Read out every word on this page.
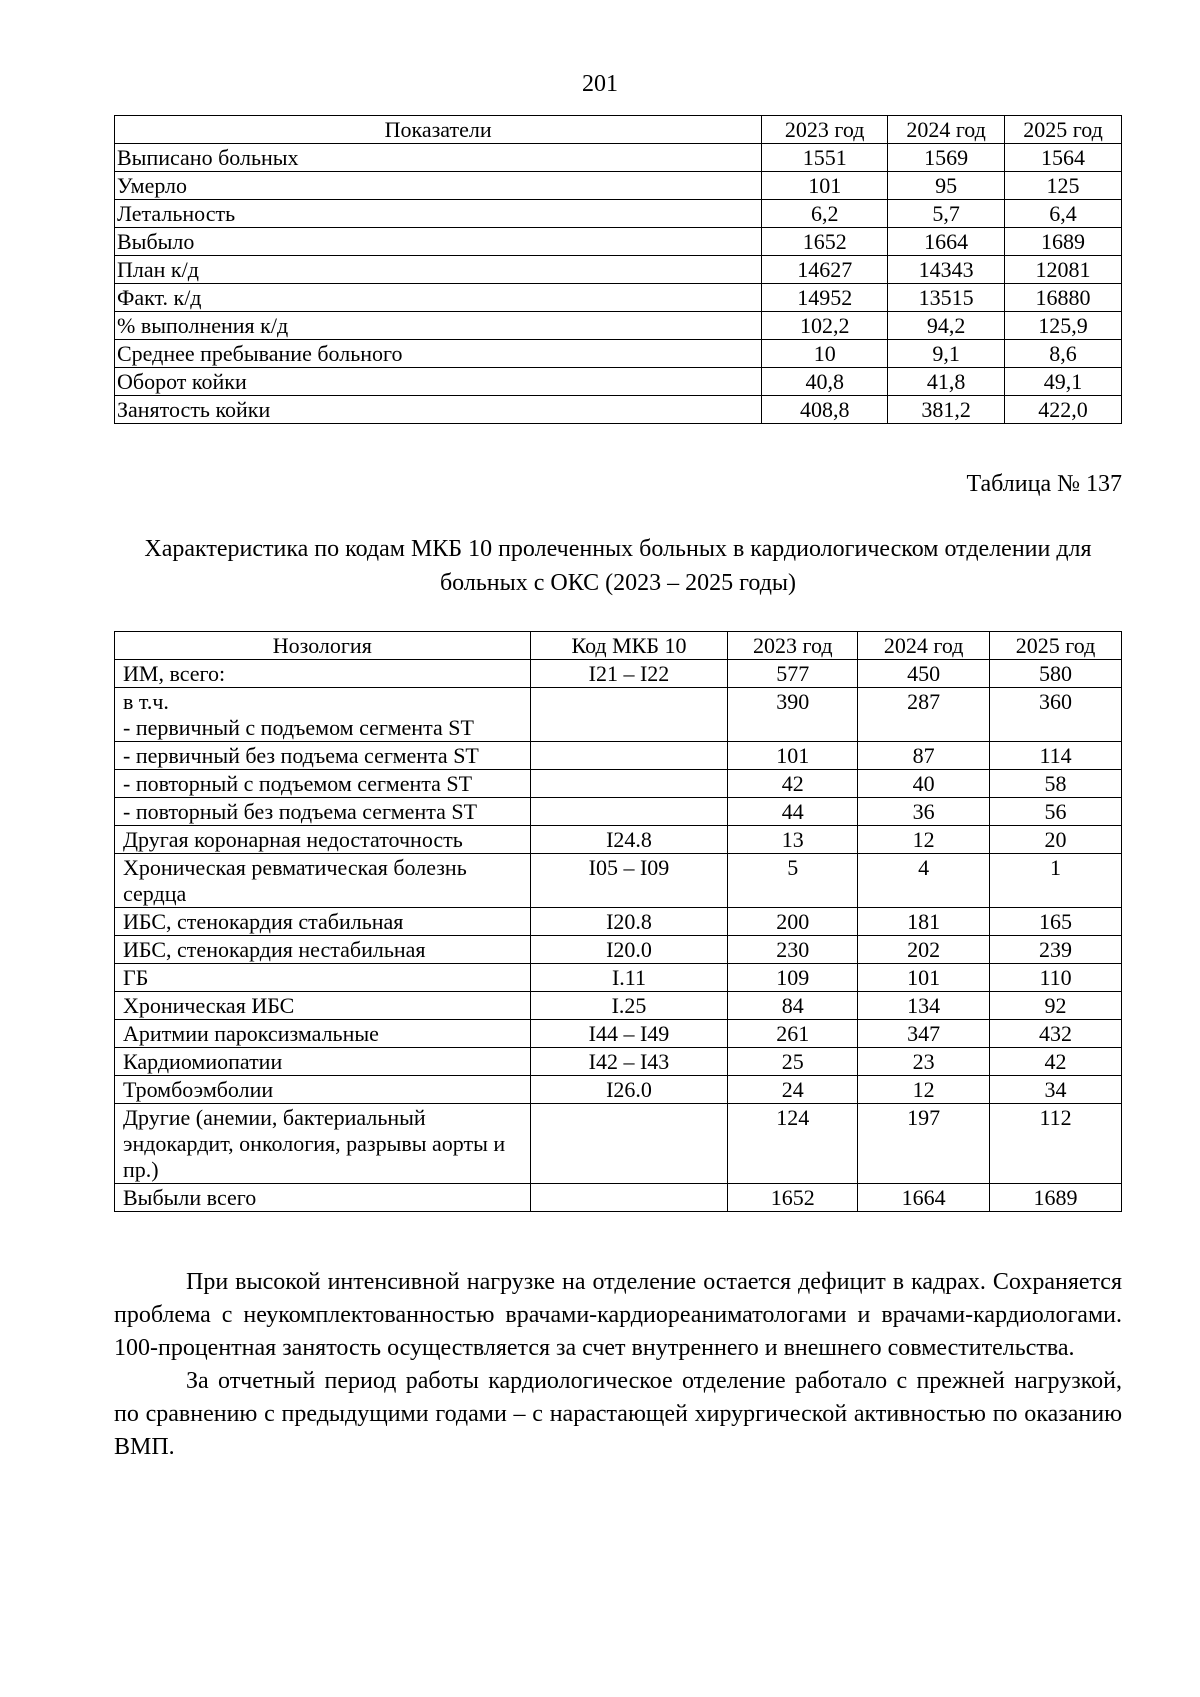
201
Показатели	2023 год	2024 год	2025 год
Выписано больных	1551	1569	1564
Умерло	101	95	125
Летальность	6,2	5,7	6,4
Выбыло	1652	1664	1689
План к/д	14627	14343	12081
Факт. к/д	14952	13515	16880
% выполнения к/д	102,2	94,2	125,9
Среднее пребывание больного	10	9,1	8,6
Оборот койки	40,8	41,8	49,1
Занятость койки	408,8	381,2	422,0
Таблица № 137
Характеристика по кодам МКБ 10 пролеченных больных в кардиологическом отделении для больных с ОКС (2023 – 2025 годы)
Нозология	Код МКБ 10	2023 год	2024 год	2025 год
ИМ, всего:	I21 – I22	577	450	580
в т.ч.
- первичный с подъемом сегмента ST		390	287	360
- первичный без подъема сегмента ST		101	87	114
- повторный с подъемом сегмента ST		42	40	58
- повторный без подъема сегмента ST		44	36	56
Другая коронарная недостаточность	I24.8	13	12	20
Хроническая ревматическая болезнь сердца	I05 – I09	5	4	1
ИБС, стенокардия стабильная	I20.8	200	181	165
ИБС, стенокардия нестабильная	I20.0	230	202	239
ГБ	I.11	109	101	110
Хроническая ИБС	I.25	84	134	92
Аритмии пароксизмальные	I44 – I49	261	347	432
Кардиомиопатии	I42 – I43	25	23	42
Тромбоэмболии	I26.0	24	12	34
Другие (анемии, бактериальный эндокардит, онкология, разрывы аорты и пр.)		124	197	112
Выбыли всего		1652	1664	1689

При высокой интенсивной нагрузке на отделение остается дефицит в кадрах. Сохраняется проблема с неукомплектованностью врачами-кардиореаниматологами и врачами-кардиологами. 100-процентная занятость осуществляется за счет внутреннего и внешнего совместительства.

За отчетный период работы кардиологическое отделение работало с прежней нагрузкой, по сравнению с предыдущими годами – с нарастающей хирургической активностью по оказанию ВМП.
